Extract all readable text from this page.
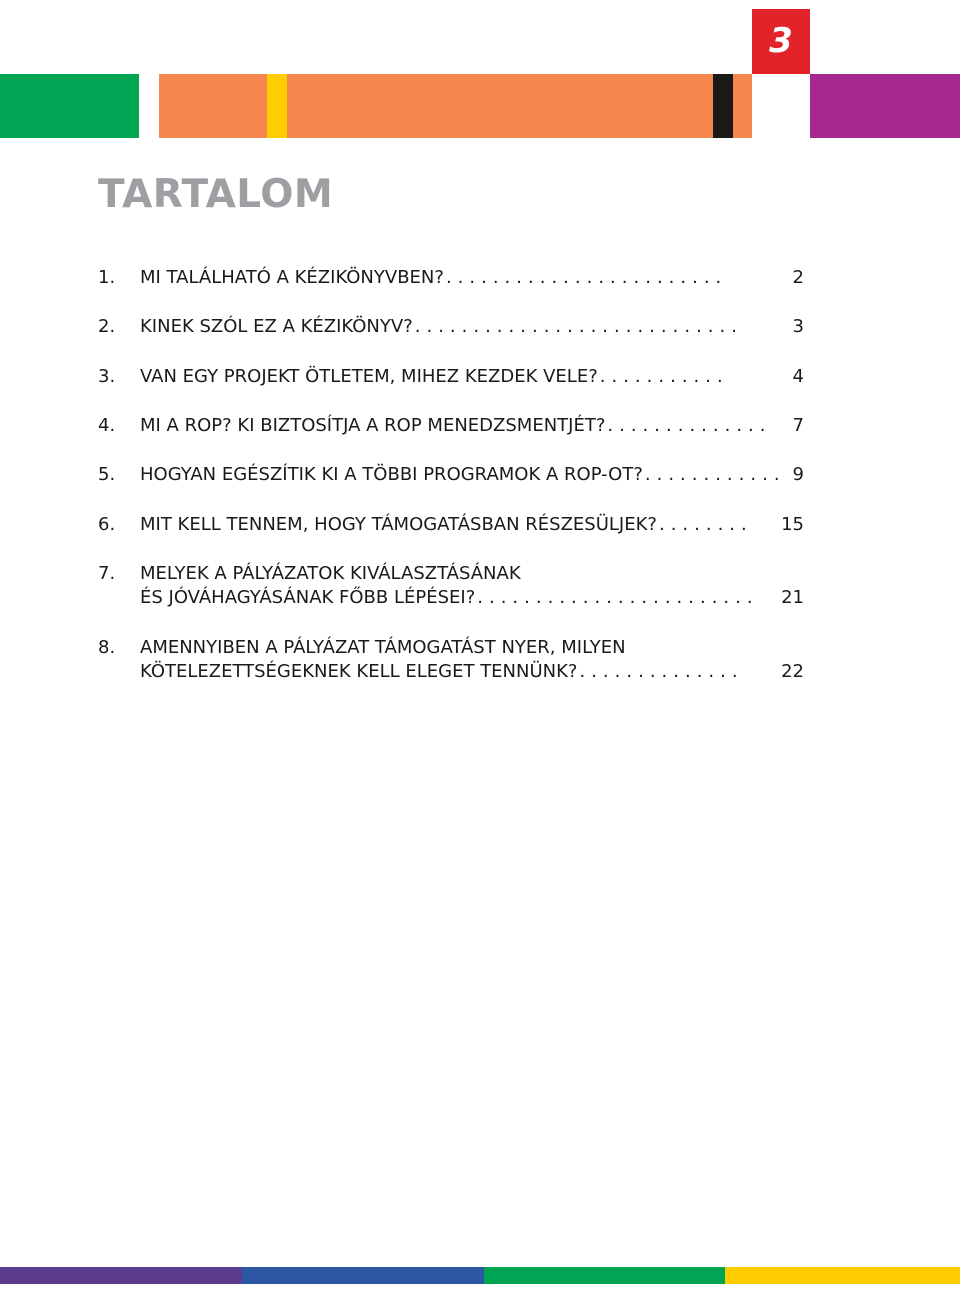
3
TARTALOM
1.	MI TALÁLHATÓ A KÉZIKÖNYVBEN? ........................	2
2.	KINEK SZÓL EZ A KÉZIKÖNYV? ............................	3
3.	VAN EGY PROJEKT ÖTLETEM, MIHEZ KEZDEK VELE? ...........	4
4.	MI A ROP? KI BIZTOSÍTJA A ROP MENEDZSMENTJÉT? ..............	7
5.	HOGYAN EGÉSZÍTIK KI A TÖBBI PROGRAMOK A ROP-OT? ............ 9
6.	MIT KELL TENNEM, HOGY TÁMOGATÁSBAN RÉSZESÜLJEK? ........	15
7.	MELYEK A PÁLYÁZATOK KIVÁLASZTÁSÁNAK
ÉS JÓVÁHAGYÁSÁNAK FŐBB LÉPÉSEI? ........................	21
8.	AMENNYIBEN A PÁLYÁZAT TÁMOGATÁST NYER, MILYEN
KÖTELEZETTSÉGEKNEK KELL ELEGET TENNÜNK? ..............	22
